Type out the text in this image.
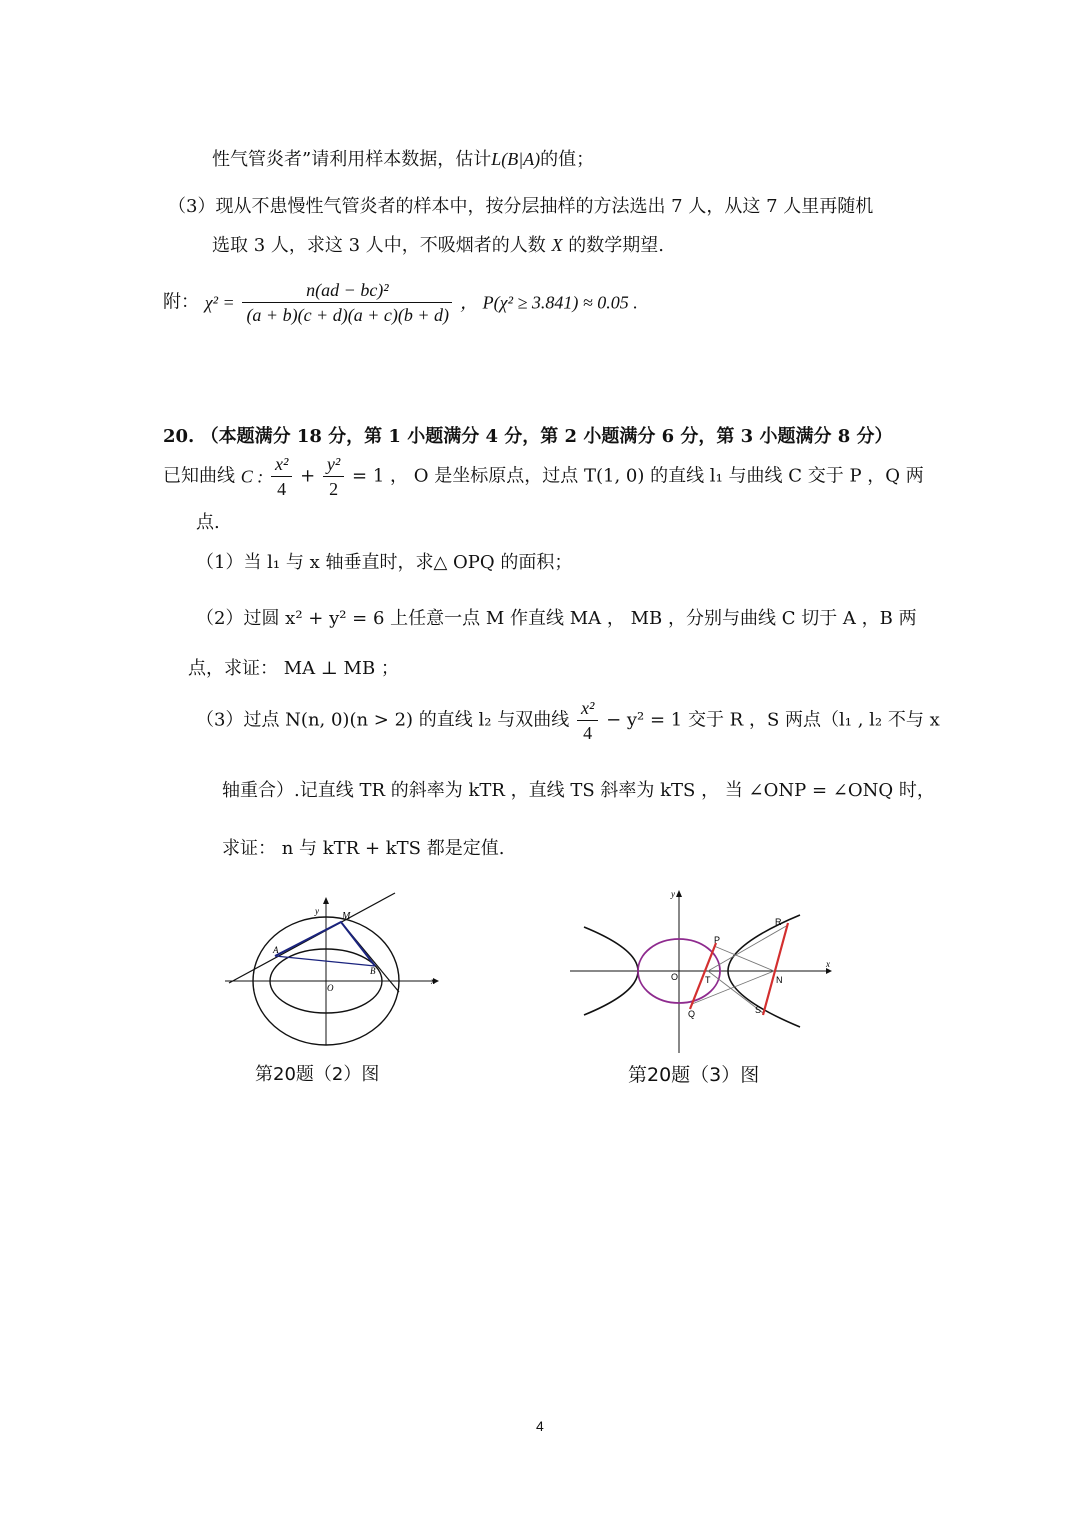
性气管炎者”请利用样本数据，估计L(B|A)的值；
（3）现从不患慢性气管炎者的样本中，按分层抽样的方法选出 7 人，从这 7 人里再随机
选取 3 人，求这 3 人中，不吸烟者的人数 X 的数学期望.
附： $\chi^2 = \frac{\text{n(ad − bc)²}}{(a + b)(c + d)(a + c)(b + d)}$ ， P(χ² ≥ 3.841) ≈ 0.05 .
20. （本题满分 18 分，第 1 小题满分 4 分，第 2 小题满分 6 分，第 3 小题满分 8 分）
已知曲线 C : $\frac{\text{x²}}{4} + \frac{\text{y²}}{2} = 1$ ， O 是坐标原点，过点 T(1, 0) 的直线 l₁ 与曲线 C 交于 P ，Q 两
点.
（1）当 l₁ 与 x 轴垂直时，求△ OPQ 的面积；
（2）过圆 x² + y² = 6 上任意一点 M 作直线 MA ， MB ，分别与曲线 C 切于 A ，B 两
点，求证： MA ⊥ MB ；
（3）过点 N(n, 0)(n > 2) 的直线 l₂ 与双曲线 $\frac{\text{x²}}{4} - y^2 = 1$ 交于 R ，S 两点（l₁ , l₂ 不与 x
轴重合）.记直线 TR 的斜率为 kTR ，直线 TS 斜率为 kTS ， 当 ∠ONP = ∠ONQ 时，
求证： n 与 kTR + kTS 都是定值.
M
A
B
O
x
y
第20题（2）图
P
Q
R
S
O	T	N
x
y
第20题（3）图
4
